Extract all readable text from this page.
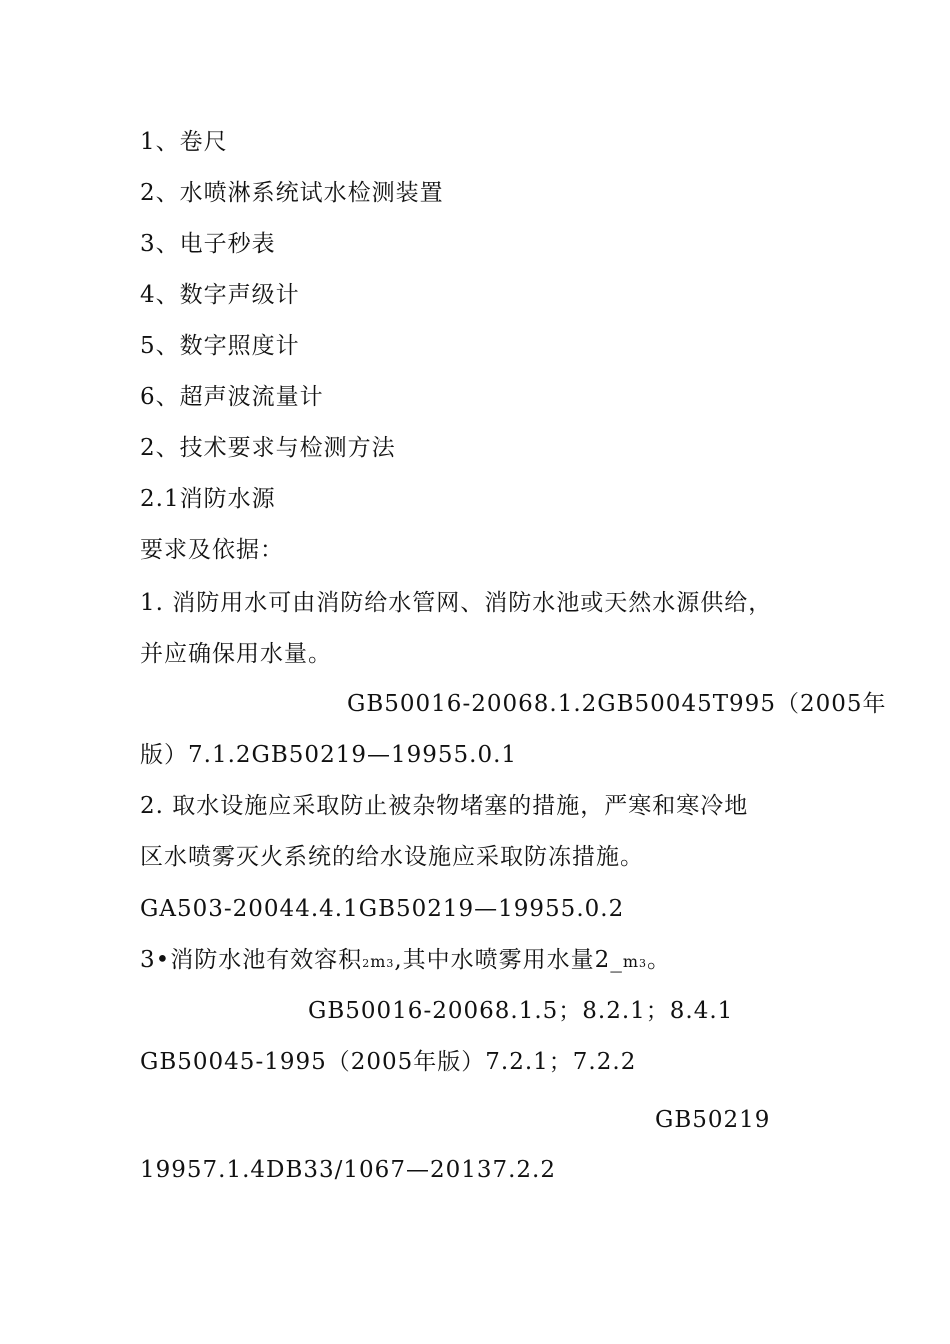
1、卷尺
2、水喷淋系统试水检测装置
3、电子秒表
4、数字声级计
5、数字照度计
6、超声波流量计
2、技术要求与检测方法
2.1消防水源
要求及依据：
1. 消防用水可由消防给水管网、消防水池或天然水源供给，
并应确保用水量。
GB50016-20068.1.2GB50045T995（2005年
版）7.1.2GB50219—19955.0.1
2. 取水设施应采取防止被杂物堵塞的措施，严寒和寒冷地
区水喷雾灭火系统的给水设施应采取防冻措施。
GA503-20044.4.1GB50219—19955.0.2
3•消防水池有效容积2m3,其中水喷雾用水量2_m3。
GB50016-20068.1.5；8.2.1；8.4.1
GB50045-1995（2005年版）7.2.1；7.2.2
GB50219
19957.1.4DB33/1067—20137.2.2
